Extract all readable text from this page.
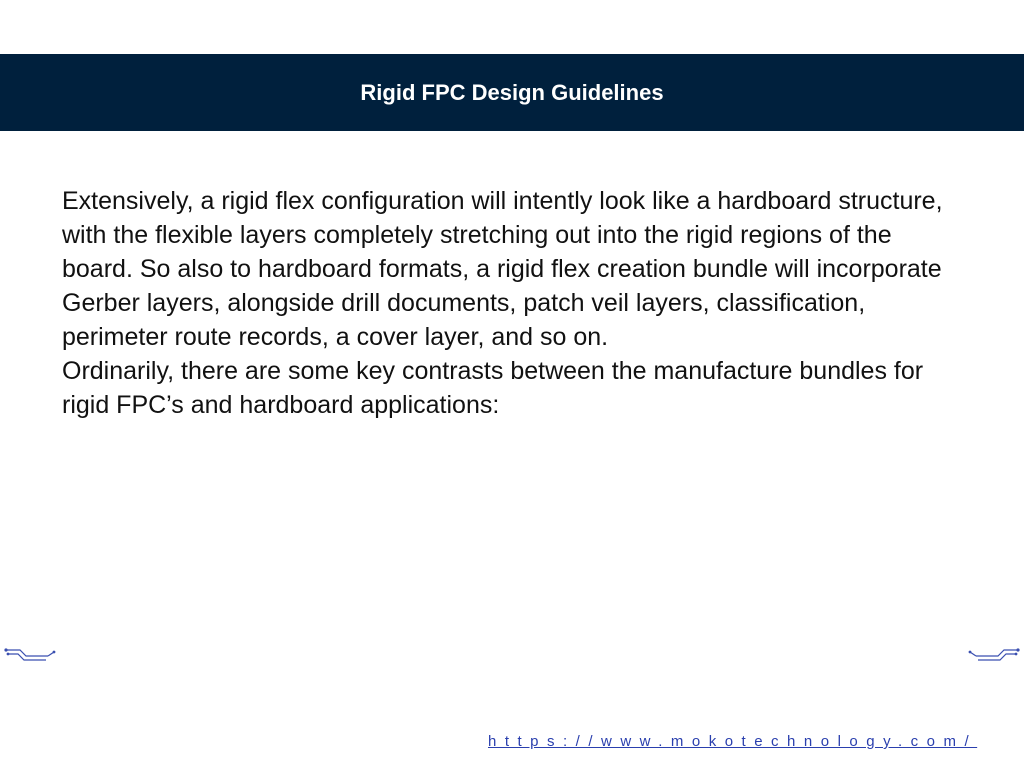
Rigid FPC Design Guidelines

Extensively, a rigid flex configuration will intently look like a hardboard structure, with the flexible layers completely stretching out into the rigid regions of the board. So also to hardboard formats, a rigid flex creation bundle will incorporate Gerber layers, alongside drill documents, patch veil layers, classification, perimeter route records, a cover layer, and so on.

Ordinarily, there are some key contrasts between the manufacture bundles for rigid FPC’s and hardboard applications:

https://www.mokotechnology.com/
